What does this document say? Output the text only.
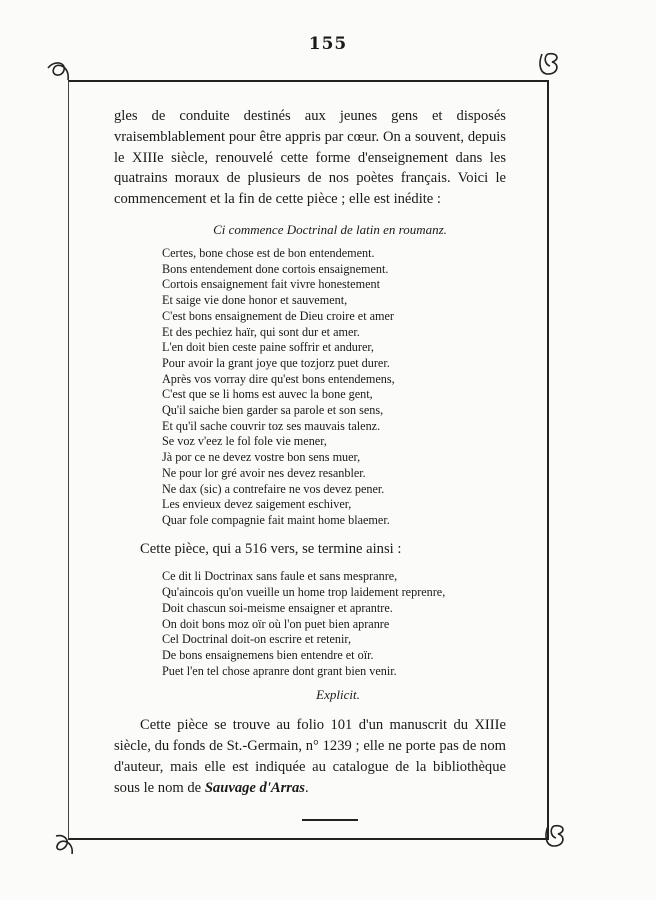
155

gles de conduite destinés aux jeunes gens et disposés vraisemblablement pour être appris par cœur. On a souvent, depuis le XIIIe siècle, renouvelé cette forme d'enseignement dans les quatrains moraux de plusieurs de nos poètes français. Voici le commencement et la fin de cette pièce ; elle est inédite :

Ci commence Doctrinal de latin en roumanz.
Certes, bone chose est de bon entendement.
Bons entendement done cortois ensaignement.
Cortois ensaignement fait vivre honestement
Et saige vie done honor et sauvement,
C'est bons ensaignement de Dieu croire et amer
Et des pechiez haïr, qui sont dur et amer.
L'en doit bien ceste paine soffrir et andurer,
Pour avoir la grant joye que tozjorz puet durer.
Après vos vorray dire qu'est bons entendemens,
C'est que se li homs est auvec la bone gent,
Qu'il saiche bien garder sa parole et son sens,
Et qu'il sache couvrir toz ses mauvais talenz.
Se voz v'eez le fol fole vie mener,
Jà por ce ne devez vostre bon sens muer,
Ne pour lor gré avoir nes devez resanbler.
Ne dax (sic) a contrefaire ne vos devez pener.
Les envieux devez saigement eschiver,
Quar fole compagnie fait maint home blaemer.

Cette pièce, qui a 516 vers, se termine ainsi :

Ce dit li Doctrinax sans faule et sans mespranre,
Qu'aincois qu'on vueille un home trop laidement reprenre,
Doit chascun soi-meisme ensaigner et aprantre.
On doit bons moz oïr où l'on puet bien apranre
Cel Doctrinal doit-on escrire et retenir,
De bons ensaignemens bien entendre et oïr.
Puet l'en tel chose apranre dont grant bien venir.
Explicit.

Cette pièce se trouve au folio 101 d'un manuscrit du XIIIe siècle, du fonds de St.-Germain, n° 1239 ; elle ne porte pas de nom d'auteur, mais elle est indiquée au catalogue de la bibliothèque sous le nom de Sauvage d'Arras.
